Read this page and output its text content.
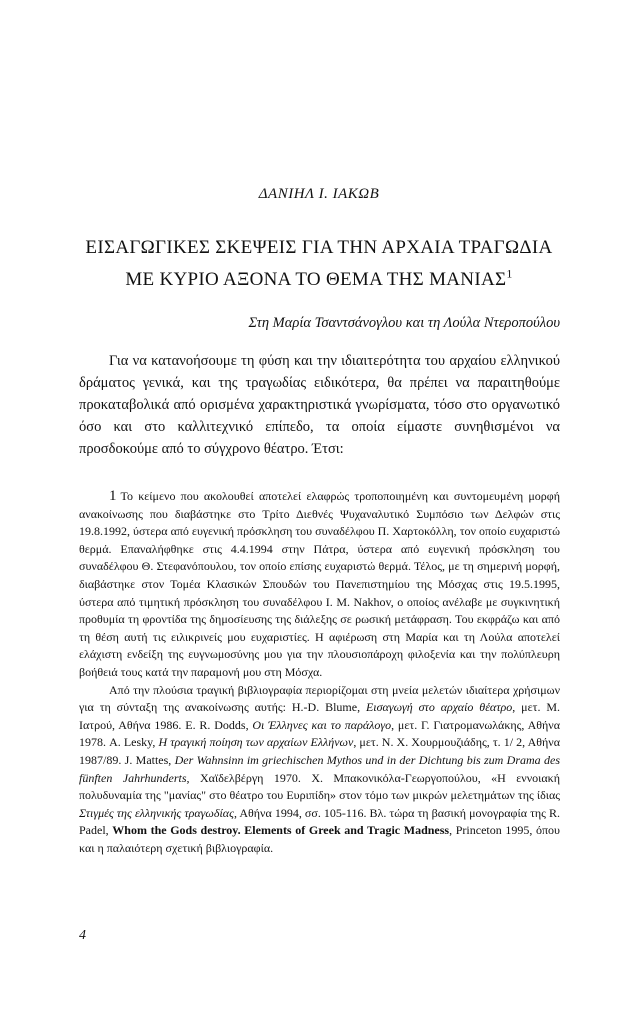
ΔΑΝΙΗΛ Ι. ΙΑΚΩΒ
ΕΙΣΑΓΩΓΙΚΕΣ ΣΚΕΨΕΙΣ ΓΙΑ ΤΗΝ ΑΡΧΑΙΑ ΤΡΑΓΩΔΙΑ
ΜΕ ΚΥΡΙΟ ΑΞΟΝΑ ΤΟ ΘΕΜΑ ΤΗΣ ΜΑΝΙΑΣ$^1$
Στη Μαρία Τσαντσάνογλου και τη Λούλα Ντεροπούλου

Για να κατανοήσουμε τη φύση και την ιδιαιτερότητα του αρχαίου ελληνικού δράματος γενικά, και της τραγωδίας ειδικότερα, θα πρέπει να παραιτηθούμε προκαταβολικά από ορισμένα χαρακτηριστικά γνωρίσματα, τόσο στο οργανωτικό όσο και στο καλλιτεχνικό επίπεδο, τα οποία είμαστε συνηθισμένοι να προσδοκούμε από το σύγχρονο θέατρο. Έτσι:

1 Το κείμενο που ακολουθεί αποτελεί ελαφρώς τροποποιημένη και συντομευμένη μορφή ανακοίνωσης που διαβάστηκε στο Τρίτο Διεθνές Ψυχαναλυτικό Συμπόσιο των Δελφών στις 19.8.1992, ύστερα από ευγενική πρόσκληση του συναδέλφου Π. Χαρτοκόλλη, τον οποίο ευχαριστώ θερμά. Επαναλήφθηκε στις 4.4.1994 στην Πάτρα, ύστερα από ευγενική πρόσκληση του συναδέλφου Θ. Στεφανόπουλου, τον οποίο επίσης ευχαριστώ θερμά. Τέλος, με τη σημερινή μορφή, διαβάστηκε στον Τομέα Κλασικών Σπουδών του Πανεπιστημίου της Μόσχας στις 19.5.1995, ύστερα από τιμητική πρόσκληση του συναδέλφου I. M. Nakhov, ο οποίος ανέλαβε με συγκινητική προθυμία τη φροντίδα της δημοσίευσης της διάλεξης σε ρωσική μετάφραση. Του εκφράζω και από τη θέση αυτή τις ειλικρινείς μου ευχαριστίες. Η αφιέρωση στη Μαρία και τη Λούλα αποτελεί ελάχιστη ενδείξη της ευγνωμοσύνης μου για την πλουσιοπάροχη φιλοξενία και την πολύπλευρη βοήθειά τους κατά την παραμονή μου στη Μόσχα.

Από την πλούσια τραγική βιβλιογραφία περιορίζομαι στη μνεία μελετών ιδιαίτερα χρήσιμων για τη σύνταξη της ανακοίνωσης αυτής: H.-D. Blume, Εισαγωγή στο αρχαίο θέατρο, μετ. Μ. Ιατρού, Αθήνα 1986. E. R. Dodds, Οι Έλληνες και το παράλογο, μετ. Γ. Γιατρομανωλάκης, Αθήνα 1978. A. Lesky, Η τραγική ποίηση των αρχαίων Ελλήνων, μετ. Ν. Χ. Χουρμουζιάδης, τ. 1/ 2, Αθήνα 1987/89. J. Mattes, Der Wahnsinn im griechischen Mythos und in der Dichtung bis zum Drama des fünften Jahrhunderts, Χαϊδελβέργη 1970. Χ. Μπακονικόλα-Γεωργοπούλου, «Η εννοιακή πολυδυναμία της "μανίας" στο θέατρο του Ευριπίδη» στον τόμο των μικρών μελετημάτων της ίδιας Στιγμές της ελληνικής τραγωδίας, Αθήνα 1994, σσ. 105-116. Βλ. τώρα τη βασική μονογραφία της R. Padel, Whom the Gods destroy. Elements of Greek and Tragic Madness, Princeton 1995, όπου και η παλαιότερη σχετική βιβλιογραφία.

4
